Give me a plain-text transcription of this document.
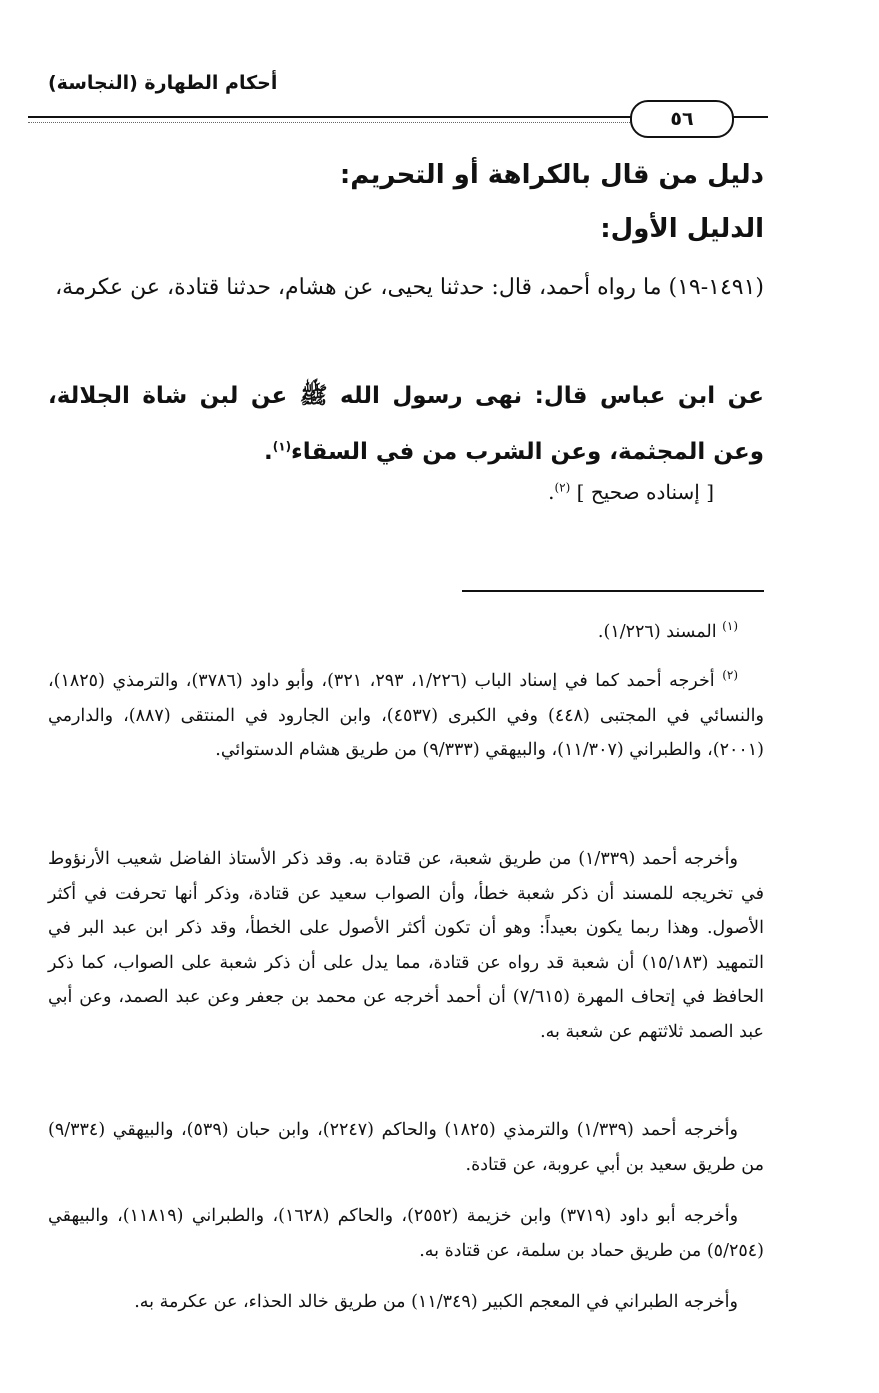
أحكام الطهارة (النجاسة)
٥٦
دليل من قال بالكراهة أو التحريم:
الدليل الأول:
(١٤٩١-١٩) ما رواه أحمد، قال: حدثنا يحيى، عن هشام، حدثنا قتادة، عن عكرمة،
عن ابن عباس قال: نهى رسول الله ﷺ عن لبن شاة الجلالة، وعن المجثمة، وعن الشرب من في السقاء$^{(١)}$.
[ إسناده صحيح ] $^{(٢)}$.
$^{(١)}$ المسند (١/٢٢٦).
$^{(٢)}$ أخرجه أحمد كما في إسناد الباب (١/٢٢٦، ٢٩٣، ٣٢١)، وأبو داود (٣٧٨٦)، والترمذي (١٨٢٥)، والنسائي في المجتبى (٤٤٨) وفي الكبرى (٤٥٣٧)، وابن الجارود في المنتقى (٨٨٧)، والدارمي (٢٠٠١)، والطبراني (١١/٣٠٧)، والبيهقي (٩/٣٣٣) من طريق هشام الدستوائي.
وأخرجه أحمد (١/٣٣٩) من طريق شعبة، عن قتادة به. وقد ذكر الأستاذ الفاضل شعيب الأرنؤوط في تخريجه للمسند أن ذكر شعبة خطأ، وأن الصواب سعيد عن قتادة، وذكر أنها تحرفت في أكثر الأصول. وهذا ربما يكون بعيداً: وهو أن تكون أكثر الأصول على الخطأ، وقد ذكر ابن عبد البر في التمهيد (١٥/١٨٣) أن شعبة قد رواه عن قتادة، مما يدل على أن ذكر شعبة على الصواب، كما ذكر الحافظ في إتحاف المهرة (٧/٦١٥) أن أحمد أخرجه عن محمد بن جعفر وعن عبد الصمد، وعن أبي عبد الصمد ثلاثتهم عن شعبة به.
وأخرجه أحمد (١/٣٣٩) والترمذي (١٨٢٥) والحاكم (٢٢٤٧)، وابن حبان (٥٣٩)، والبيهقي (٩/٣٣٤) من طريق سعيد بن أبي عروبة، عن قتادة.
وأخرجه أبو داود (٣٧١٩) وابن خزيمة (٢٥٥٢)، والحاكم (١٦٢٨)، والطبراني (١١٨١٩)، والبيهقي (٥/٢٥٤) من طريق حماد بن سلمة، عن قتادة به.
وأخرجه الطبراني في المعجم الكبير (١١/٣٤٩) من طريق خالد الحذاء، عن عكرمة به.
